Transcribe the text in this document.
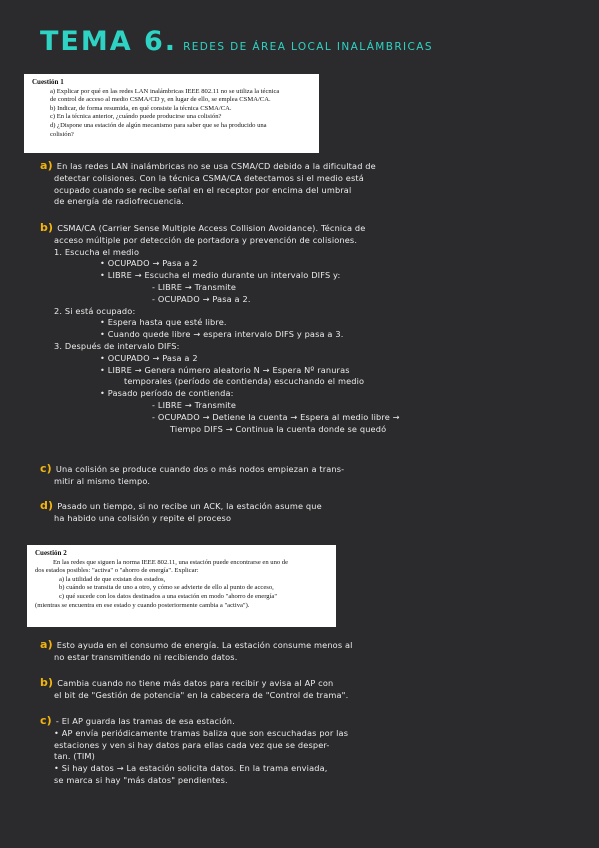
TEMA 6. REDES DE ÁREA LOCAL INALÁMBRICAS
Cuestión 1
a) Explicar por qué en las redes LAN inalámbricas IEEE 802.11 no se utiliza la técnica
de control de acceso al medio CSMA/CD y, en lugar de ello, se emplea CSMA/CA.
b) Indicar, de forma resumida, en qué consiste la técnica CSMA/CA.
c) En la técnica anterior, ¿cuándo puede producirse una colisión?
d) ¿Dispone una estación de algún mecanismo para saber que se ha producido una
colisión?
a) En las redes LAN inalámbricas no se usa CSMA/CD debido a la dificultad de
detectar colisiones. Con la técnica CSMA/CA detectamos si el medio está
ocupado cuando se recibe señal en el receptor por encima del umbral
de energía de radiofrecuencia.
b) CSMA/CA (Carrier Sense Multiple Access Collision Avoidance). Técnica de
acceso múltiple por detección de portadora y prevención de colisiones.
1. Escucha el medio
• OCUPADO → Pasa a 2
• LIBRE → Escucha el medio durante un intervalo DIFS y:
- LIBRE → Transmite
- OCUPADO → Pasa a 2.
2. Si está ocupado:
• Espera hasta que esté libre.
• Cuando quede libre → espera intervalo DIFS y pasa a 3.
3. Después de intervalo DIFS:
• OCUPADO → Pasa a 2
• LIBRE → Genera número aleatorio N → Espera Nº ranuras
temporales (período de contienda) escuchando el medio
• Pasado período de contienda:
- LIBRE → Transmite
- OCUPADO → Detiene la cuenta → Espera al medio libre →
Tiempo DIFS → Continua la cuenta donde se quedó
c) Una colisión se produce cuando dos o más nodos empiezan a trans-
mitir al mismo tiempo.
d) Pasado un tiempo, si no recibe un ACK, la estación asume que
ha habido una colisión y repite el proceso
Cuestión 2
En las redes que siguen la norma IEEE 802.11, una estación puede encontrarse en uno de
dos estados posibles: "activa" o "ahorro de energía". Explicar:
a) la utilidad de que existan dos estados,
b) cuándo se transita de uno a otro, y cómo se advierte de ello al punto de acceso,
c) qué sucede con los datos destinados a una estación en modo "ahorro de energía"
(mientras se encuentra en ese estado y cuando posteriormente cambia a "activa").
a) Esto ayuda en el consumo de energía. La estación consume menos al
no estar transmitiendo ni recibiendo datos.
b) Cambia cuando no tiene más datos para recibir y avisa al AP con
el bit de "Gestión de potencia" en la cabecera de "Control de trama".
c) - El AP guarda las tramas de esa estación.
• AP envía periódicamente tramas baliza que son escuchadas por las
estaciones y ven si hay datos para ellas cada vez que se desper-
tan. (TIM)
• Si hay datos → La estación solicita datos. En la trama enviada,
se marca si hay "más datos" pendientes.
